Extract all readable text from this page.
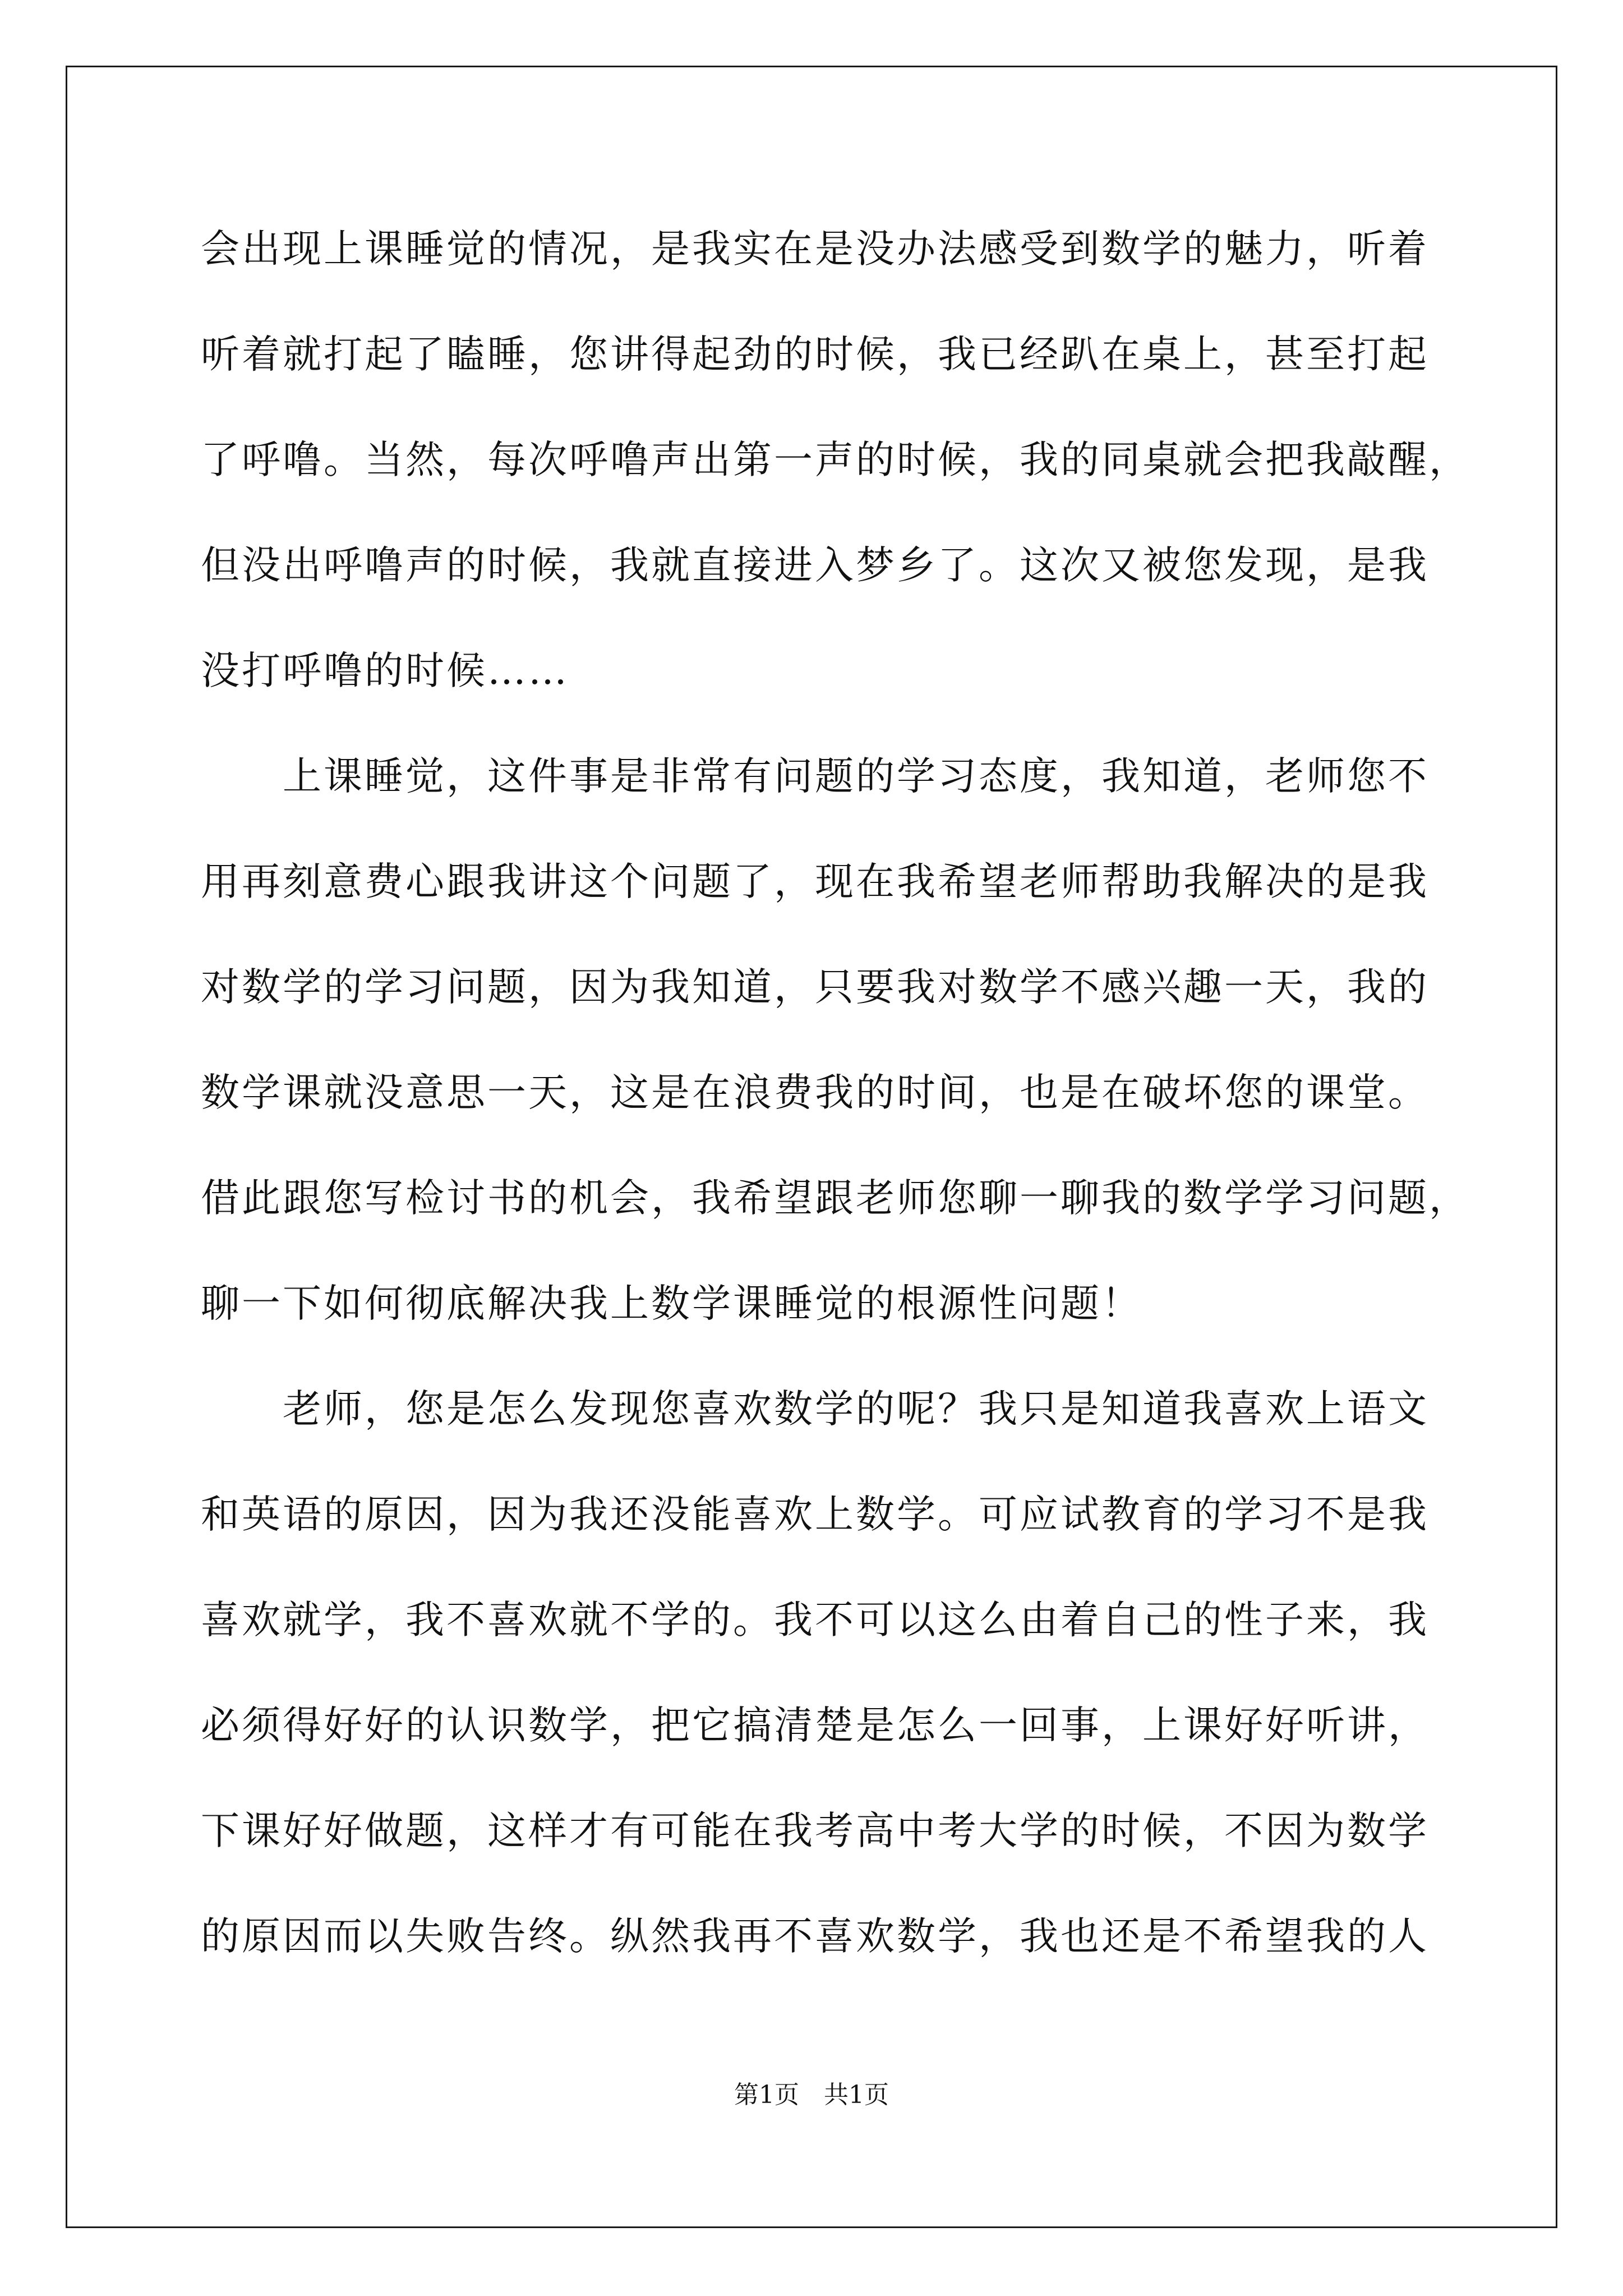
会出现上课睡觉的情况，是我实在是没办法感受到数学的魅力，听着
听着就打起了瞌睡，您讲得起劲的时候，我已经趴在桌上，甚至打起
了呼噜。当然，每次呼噜声出第一声的时候，我的同桌就会把我敲醒，
但没出呼噜声的时候，我就直接进入梦乡了。这次又被您发现，是我
没打呼噜的时候……
　　上课睡觉，这件事是非常有问题的学习态度，我知道，老师您不
用再刻意费心跟我讲这个问题了，现在我希望老师帮助我解决的是我
对数学的学习问题，因为我知道，只要我对数学不感兴趣一天，我的
数学课就没意思一天，这是在浪费我的时间，也是在破坏您的课堂。
借此跟您写检讨书的机会，我希望跟老师您聊一聊我的数学学习问题，
聊一下如何彻底解决我上数学课睡觉的根源性问题！
　　老师，您是怎么发现您喜欢数学的呢？我只是知道我喜欢上语文
和英语的原因，因为我还没能喜欢上数学。可应试教育的学习不是我
喜欢就学，我不喜欢就不学的。我不可以这么由着自己的性子来，我
必须得好好的认识数学，把它搞清楚是怎么一回事，上课好好听讲，
下课好好做题，这样才有可能在我考高中考大学的时候，不因为数学
的原因而以失败告终。纵然我再不喜欢数学，我也还是不希望我的人
第1页 共1页
